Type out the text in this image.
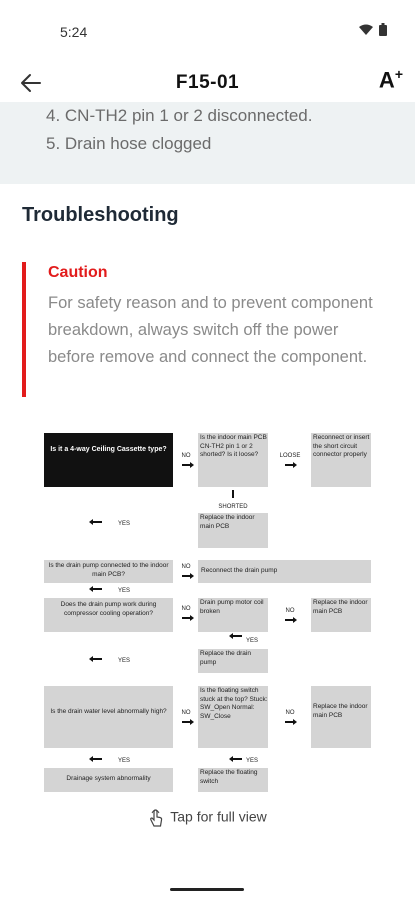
5:24
F15-01	A+
4. CN-TH2 pin 1 or 2 disconnected.
5. Drain hose clogged
Troubleshooting
Caution
For safety reason and to prevent component breakdown, always switch off the power before remove and connect the component.
Is it a 4-way Ceiling Cassette type?
NO
Is the indoor main PCB CN-TH2 pin 1 or 2 shorted? Is it loose?	LOOSE
Reconnect or insert the short circuit connector properly
SHORTED
YES
Replace the indoor main PCB
Is the drain pump connected to the indoor main PCB?
NO Reconnect the drain pump
YES
Does the drain pump work during compressor cooling operation?
NO
Drain pump motor coil broken	NO
Replace the indoor main PCB
YES
YES
Replace the drain pump
Is the drain water level abnormally high?	NO
Is the floating switch stuck at the top? Stuck: SW_Open Normal: SW_Close	NO
Replace the indoor main PCB
YES	YES
Drainage system abnormality
Replace the floating switch
Tap for full view
